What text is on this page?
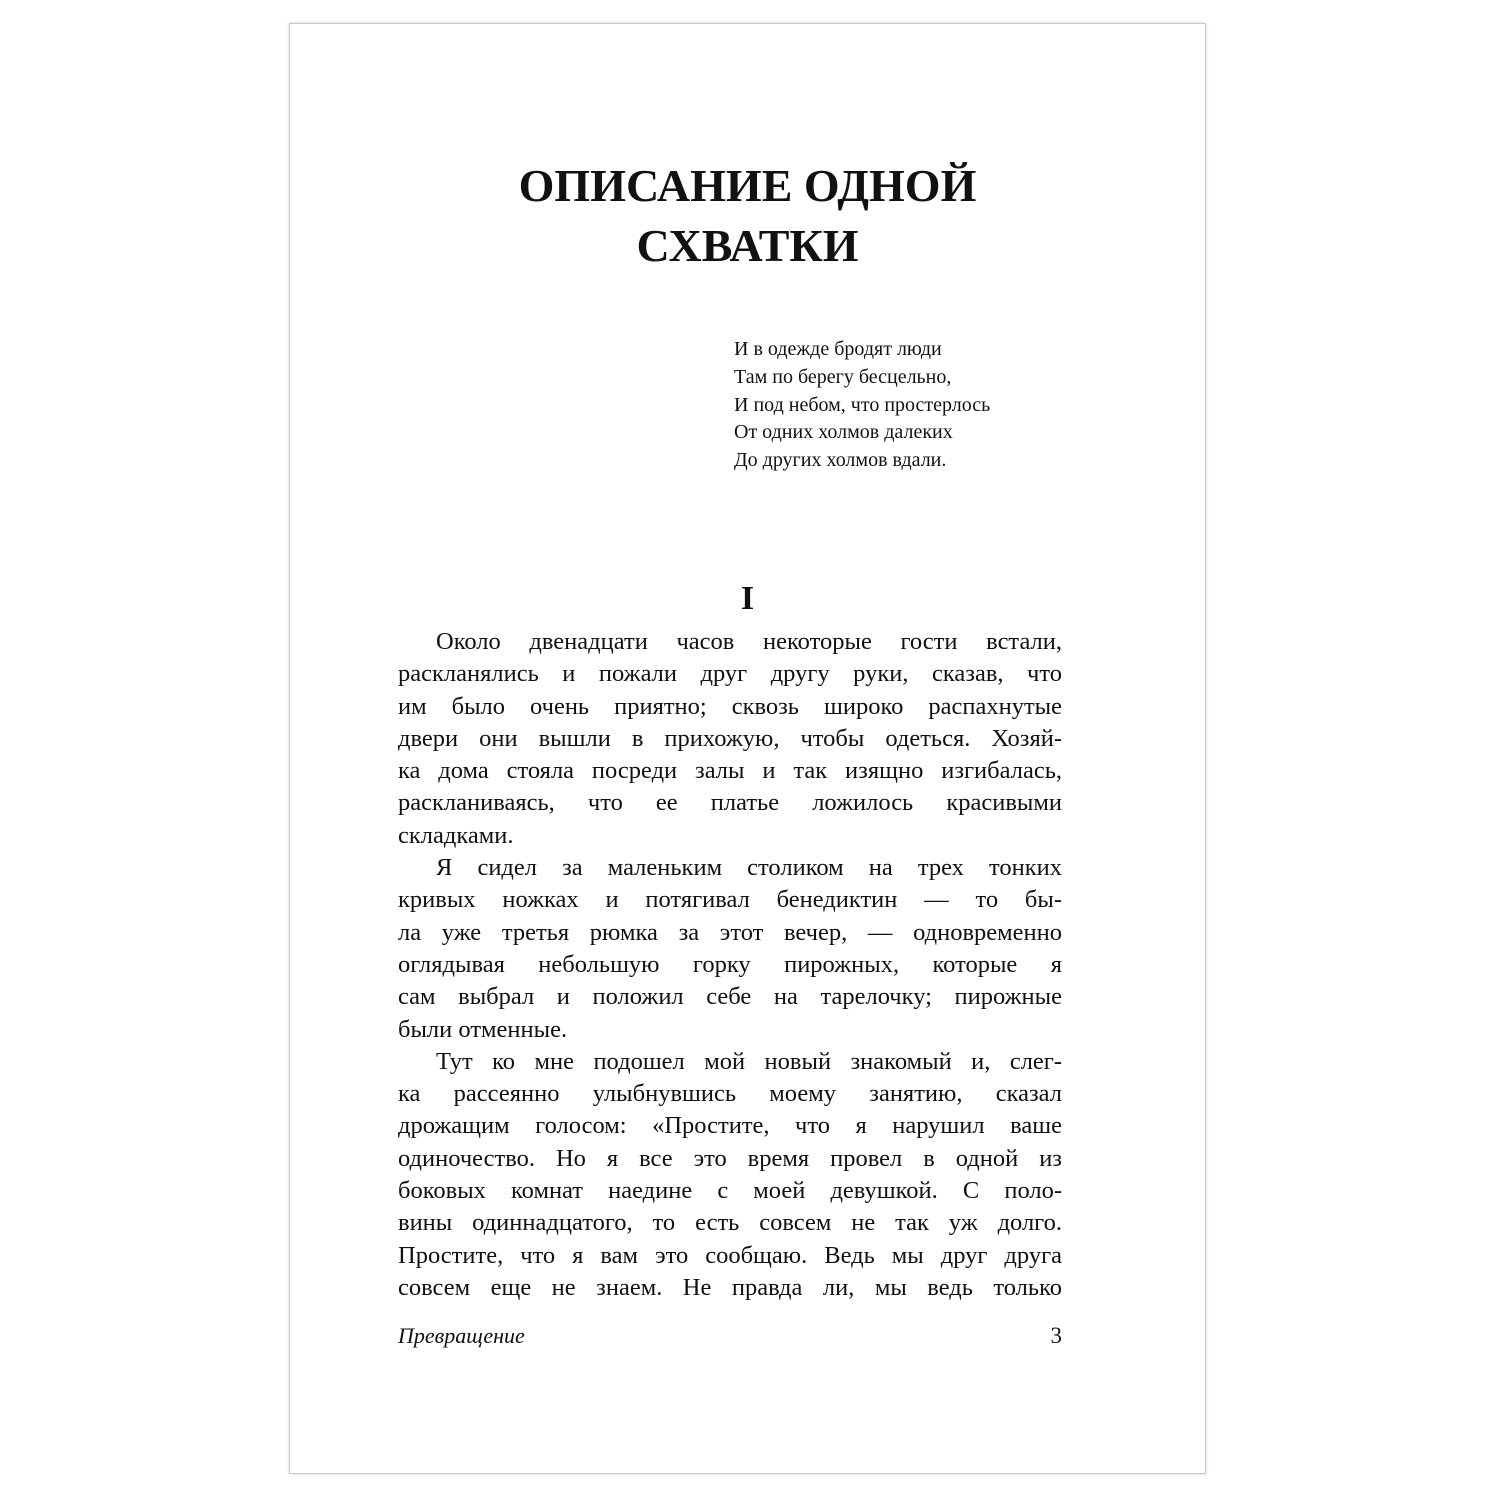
ОПИСАНИЕ ОДНОЙ
СХВАТКИ
И в одежде бродят люди
Там по берегу бесцельно,
И под небом, что простерлось
От одних холмов далеких
До других холмов вдали.
I

Около двенадцати часов некоторые гости встали,
раскланялись и пожали друг другу руки, сказав, что
им было очень приятно; сквозь широко распахнутые
двери они вышли в прихожую, чтобы одеться. Хозяй-
ка дома стояла посреди залы и так изящно изгибалась,
раскланиваясь, что ее платье ложилось красивыми
складками.

Я сидел за маленьким столиком на трех тонких
кривых ножках и потягивал бенедиктин — то бы-
ла уже третья рюмка за этот вечер, — одновременно
оглядывая небольшую горку пирожных, которые я
сам выбрал и положил себе на тарелочку; пирожные
были отменные.

Тут ко мне подошел мой новый знакомый и, слег-
ка рассеянно улыбнувшись моему занятию, сказал
дрожащим голосом: «Простите, что я нарушил ваше
одиночество. Но я все это время провел в одной из
боковых комнат наедине с моей девушкой. С поло-
вины одиннадцатого, то есть совсем не так уж долго.
Простите, что я вам это сообщаю. Ведь мы друг друга
совсем еще не знаем. Не правда ли, мы ведь только

Превращение	3
